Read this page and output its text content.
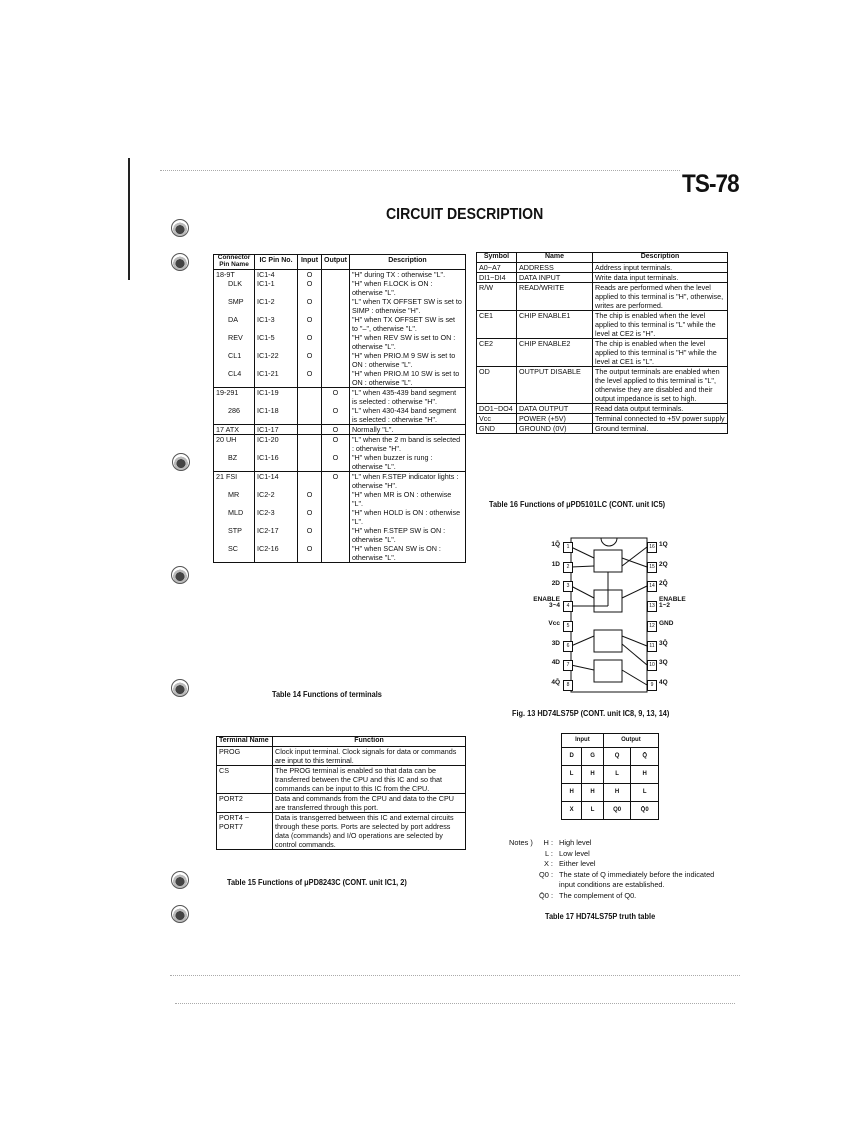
TS-78
CIRCUIT DESCRIPTION
Connector Pin Name	IC Pin No.	Input	Output	Description
18-9T	IC1-4	O		"H" during TX : otherwise "L".
DLK	IC1-1	O		"H" when F.LOCK is ON : otherwise "L".
SMP	IC1-2	O		"L" when TX OFFSET SW is set to SIMP : otherwise "H".
DA	IC1-3	O		"H" when TX OFFSET SW is set to "–", otherwise "L".
REV	IC1-5	O		"H" when REV SW is set to ON : otherwise "L".
CL1	IC1-22	O		"H" when PRIO.M 9 SW is set to ON : otherwise "L".
CL4	IC1-21	O		"H" when PRIO.M 10 SW is set to ON : otherwise "L".
19-291	IC1-19		O	"L" when 435-439 band segment is selected : otherwise "H".
286	IC1-18		O	"L" when 430-434 band segment is selected : otherwise "H".
17 ATX	IC1-17		O	Normally "L".
20 UH	IC1-20		O	"L" when the 2 m band is selected : otherwise "H".
BZ	IC1-16		O	"H" when buzzer is rung : otherwise "L".
21 FSI	IC1-14		O	"L" when F.STEP indicator lights : otherwise "H".
MR	IC2-2	O		"H" when MR is ON : otherwise "L".
MLD	IC2-3	O		"H" when HOLD is ON : otherwise "L".
STP	IC2-17	O		"H" when F.STEP SW is ON : otherwise "L".
SC	IC2-16	O		"H" when SCAN SW is ON : otherwise "L".
Table 14 Functions of terminals
Terminal Name	Function
PROG	Clock input terminal. Clock signals for data or commands are input to this terminal.
CS	The PROG terminal is enabled so that data can be transferred between the CPU and this IC and so that commands can be input to this IC from the CPU.
PORT2	Data and commands from the CPU and data to the CPU are transferred through this port.
PORT4 ~ PORT7	Data is transgerred between this IC and external circuits through these ports. Ports are selected by port address data (commands) and I/O operations are selected by control commands.
Table 15 Functions of μPD8243C (CONT. unit IC1, 2)
Symbol	Name	Description
A0~A7	ADDRESS	Address input terminals.
DI1~DI4	DATA INPUT	Write data input terminals.
R/W	READ/WRITE	Reads are performed when the level applied to this terminal is "H", otherwise, writes are performed.
CE1	CHIP ENABLE1	The chip is enabled when the level applied to this terminal is "L" while the level at CE2 is "H".
CE2	CHIP ENABLE2	The chip is enabled when the level applied to this terminal is "H" while the level at CE1 is "L".
OD	OUTPUT DISABLE	The output terminals are enabled when the level applied to this terminal is "L", otherwise they are disabled and their output impedance is set to high.
DO1~DO4	DATA OUTPUT	Read data output terminals.
Vcc	POWER (+5V)	Terminal connected to +5V power supply
GND	GROUND (0V)	Ground terminal.
Table 16 Functions of μPD5101LC (CONT. unit IC5)
1
1Q̄
2
1D
3
2D
4
ENABLE 3~4
5
Vcc
6
3D
7
4D
8
4Q̄
16 1Q
15 2Q
14 2Q̄
13
ENABLE 1~2
12 GND
11 3Q̄
10 3Q
9 4Q
Fig. 13 HD74LS75P (CONT. unit IC8, 9, 13, 14)
Input		Output	
D	G	Q	Q̄
L	H	L	H
H	H	H	L
X	L	Q0	Q̄0
Notes )	H : High level
L : Low level
X : Either level
Q0 : The state of Q immediately before the indicated input conditions are established.
Q̄0 : The complement of Q0.
Table 17 HD74LS75P truth table
